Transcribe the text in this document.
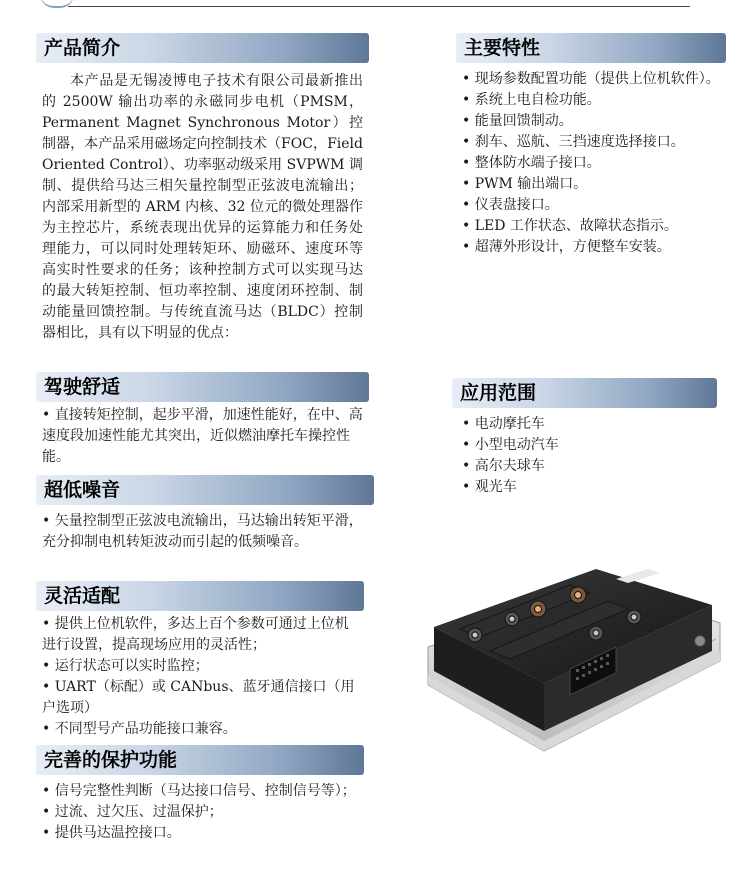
产品简介

本产品是无锡凌博电子技术有限公司最新推出的 2500W 输出功率的永磁同步电机（PMSM，Permanent Magnet Synchronous Motor）控制器，本产品采用磁场定向控制技术（FOC，Field Oriented Control）、功率驱动级采用 SVPWM 调制、提供给马达三相矢量控制型正弦波电流输出；内部采用新型的 ARM 内核、32 位元的微处理器作为主控芯片，系统表现出优异的运算能力和任务处理能力，可以同时处理转矩环、励磁环、速度环等高实时性要求的任务；该种控制方式可以实现马达的最大转矩控制、恒功率控制、速度闭环控制、制动能量回馈控制。与传统直流马达（BLDC）控制器相比，具有以下明显的优点：

驾驶舒适
• 直接转矩控制，起步平滑，加速性能好，在中、高速度段加速性能尤其突出，近似燃油摩托车操控性能。
超低噪音
• 矢量控制型正弦波电流输出，马达输出转矩平滑，充分抑制电机转矩波动而引起的低频噪音。
灵活适配
• 提供上位机软件，多达上百个参数可通过上位机进行设置，提高现场应用的灵活性；
• 运行状态可以实时监控；
• UART（标配）或 CANbus、蓝牙通信接口（用户选项）
• 不同型号产品功能接口兼容。
完善的保护功能
• 信号完整性判断（马达接口信号、控制信号等）；
• 过流、过欠压、过温保护；
• 提供马达温控接口。
主要特性
• 现场参数配置功能（提供上位机软件）。
• 系统上电自检功能。
• 能量回馈制动。
• 刹车、巡航、三挡速度选择接口。
• 整体防水端子接口。
• PWM 输出端口。
• 仪表盘接口。
• LED 工作状态、故障状态指示。
• 超薄外形设计，方便整车安装。
应用范围
• 电动摩托车
• 小型电动汽车
• 高尔夫球车
• 观光车
